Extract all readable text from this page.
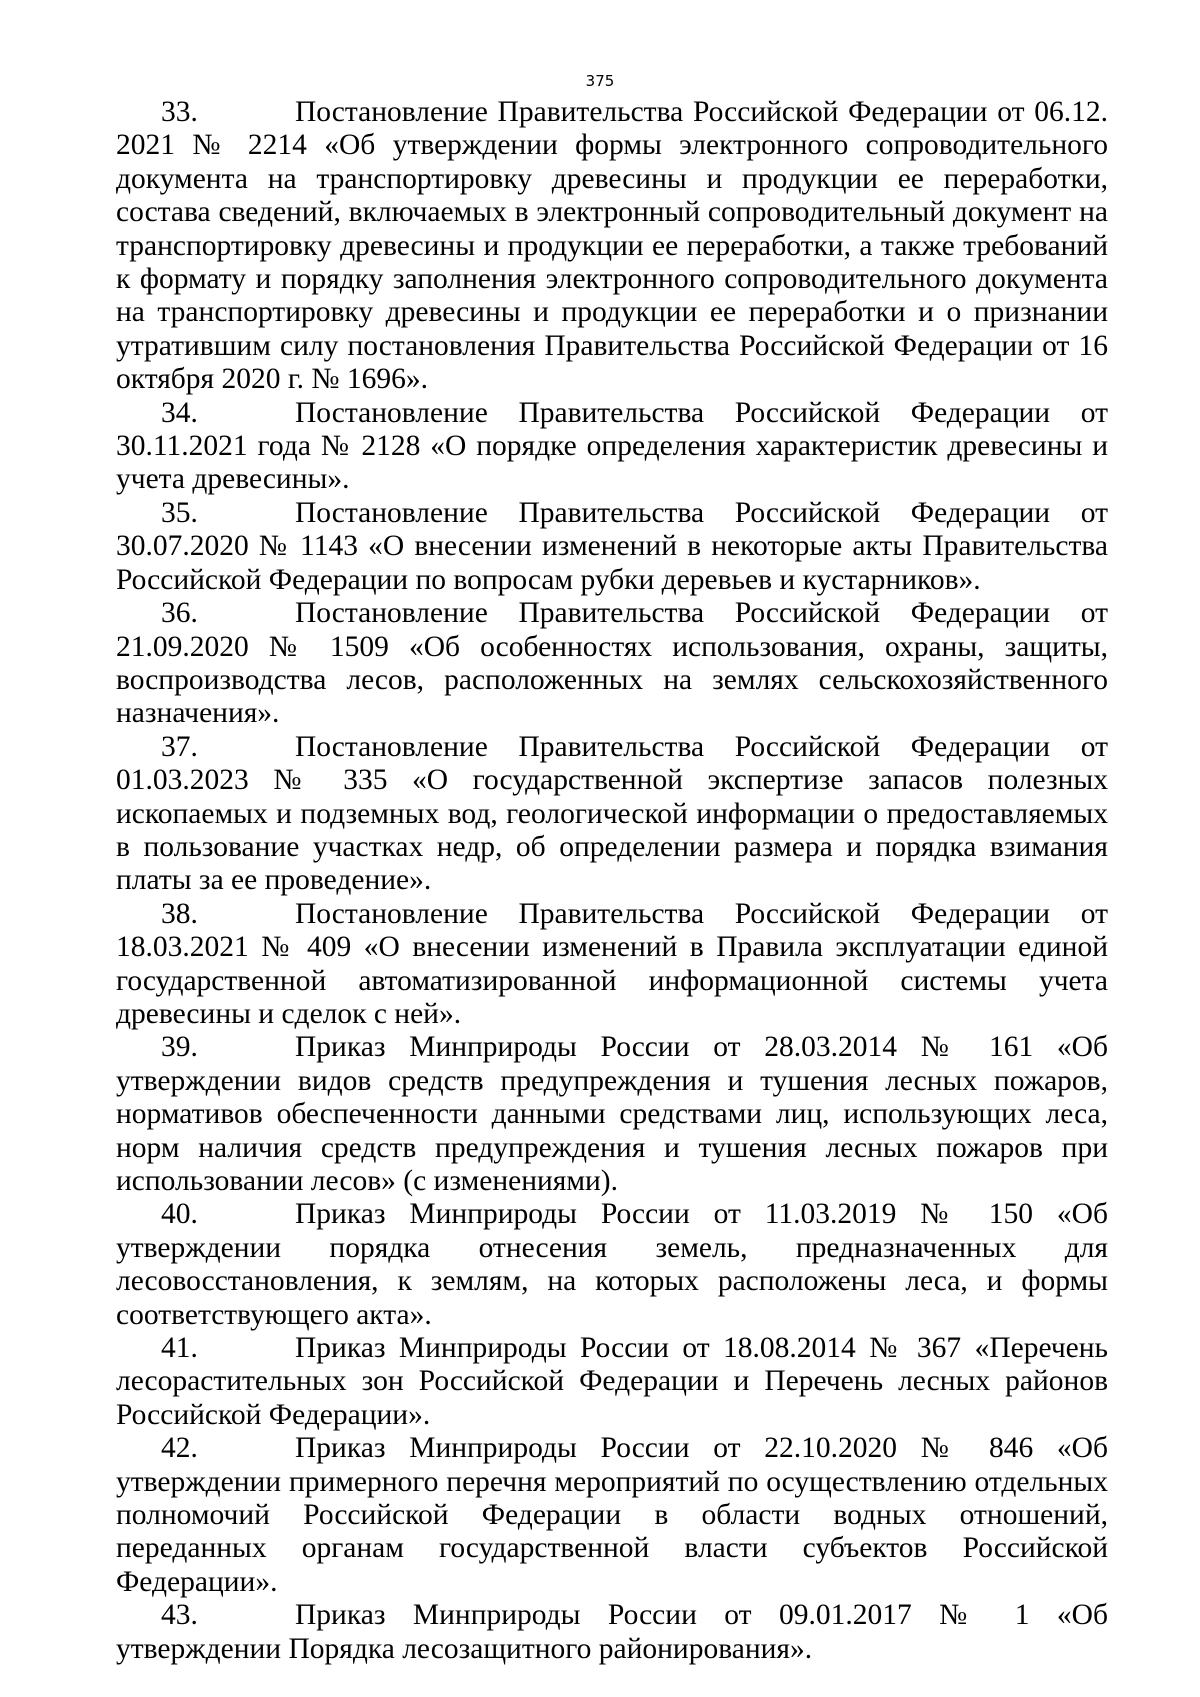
375

33.	Постановление Правительства Российской Федерации от 06.12. 2021 № 2214 «Об утверждении формы электронного сопроводительного документа на транспортировку древесины и продукции ее переработки, состава сведений, включаемых в электронный сопроводительный документ на транспортировку древесины и продукции ее переработки, а также требований к формату и порядку заполнения электронного сопроводительного документа на транспортировку древесины и продукции ее переработки и о признании утратившим силу постановления Правительства Российской Федерации от 16 октября 2020 г. № 1696».

34.	Постановление Правительства Российской Федерации от 30.11.2021 года № 2128 «О порядке определения характеристик древесины и учета древесины».

35.	Постановление Правительства Российской Федерации от 30.07.2020 № 1143 «О внесении изменений в некоторые акты Правительства Российской Федерации по вопросам рубки деревьев и кустарников».

36.	Постановление Правительства Российской Федерации от 21.09.2020 № 1509 «Об особенностях использования, охраны, защиты, воспроизводства лесов, расположенных на землях сельскохозяйственного назначения».

37.	Постановление Правительства Российской Федерации от 01.03.2023 № 335 «О государственной экспертизе запасов полезных ископаемых и подземных вод, геологической информации о предоставляемых в пользование участках недр, об определении размера и порядка взимания платы за ее проведение».

38.	Постановление Правительства Российской Федерации от 18.03.2021 № 409 «О внесении изменений в Правила эксплуатации единой государственной автоматизированной информационной системы учета древесины и сделок с ней».

39.	Приказ Минприроды России от 28.03.2014 № 161 «Об утверждении видов средств предупреждения и тушения лесных пожаров, нормативов обеспеченности данными средствами лиц, использующих леса, норм наличия средств предупреждения и тушения лесных пожаров при использовании лесов» (с изменениями).

40.	Приказ Минприроды России от 11.03.2019 № 150 «Об утверждении порядка отнесения земель, предназначенных для лесовосстановления, к землям, на которых расположены леса, и формы соответствующего акта».

41.	Приказ Минприроды России от 18.08.2014 № 367 «Перечень лесорастительных зон Российской Федерации и Перечень лесных районов Российской Федерации».

42.	Приказ Минприроды России от 22.10.2020 № 846 «Об утверждении примерного перечня мероприятий по осуществлению отдельных полномочий Российской Федерации в области водных отношений, переданных органам государственной власти субъектов Российской Федерации».

43.	Приказ Минприроды России от 09.01.2017 № 1 «Об утверждении Порядка лесозащитного районирования».
